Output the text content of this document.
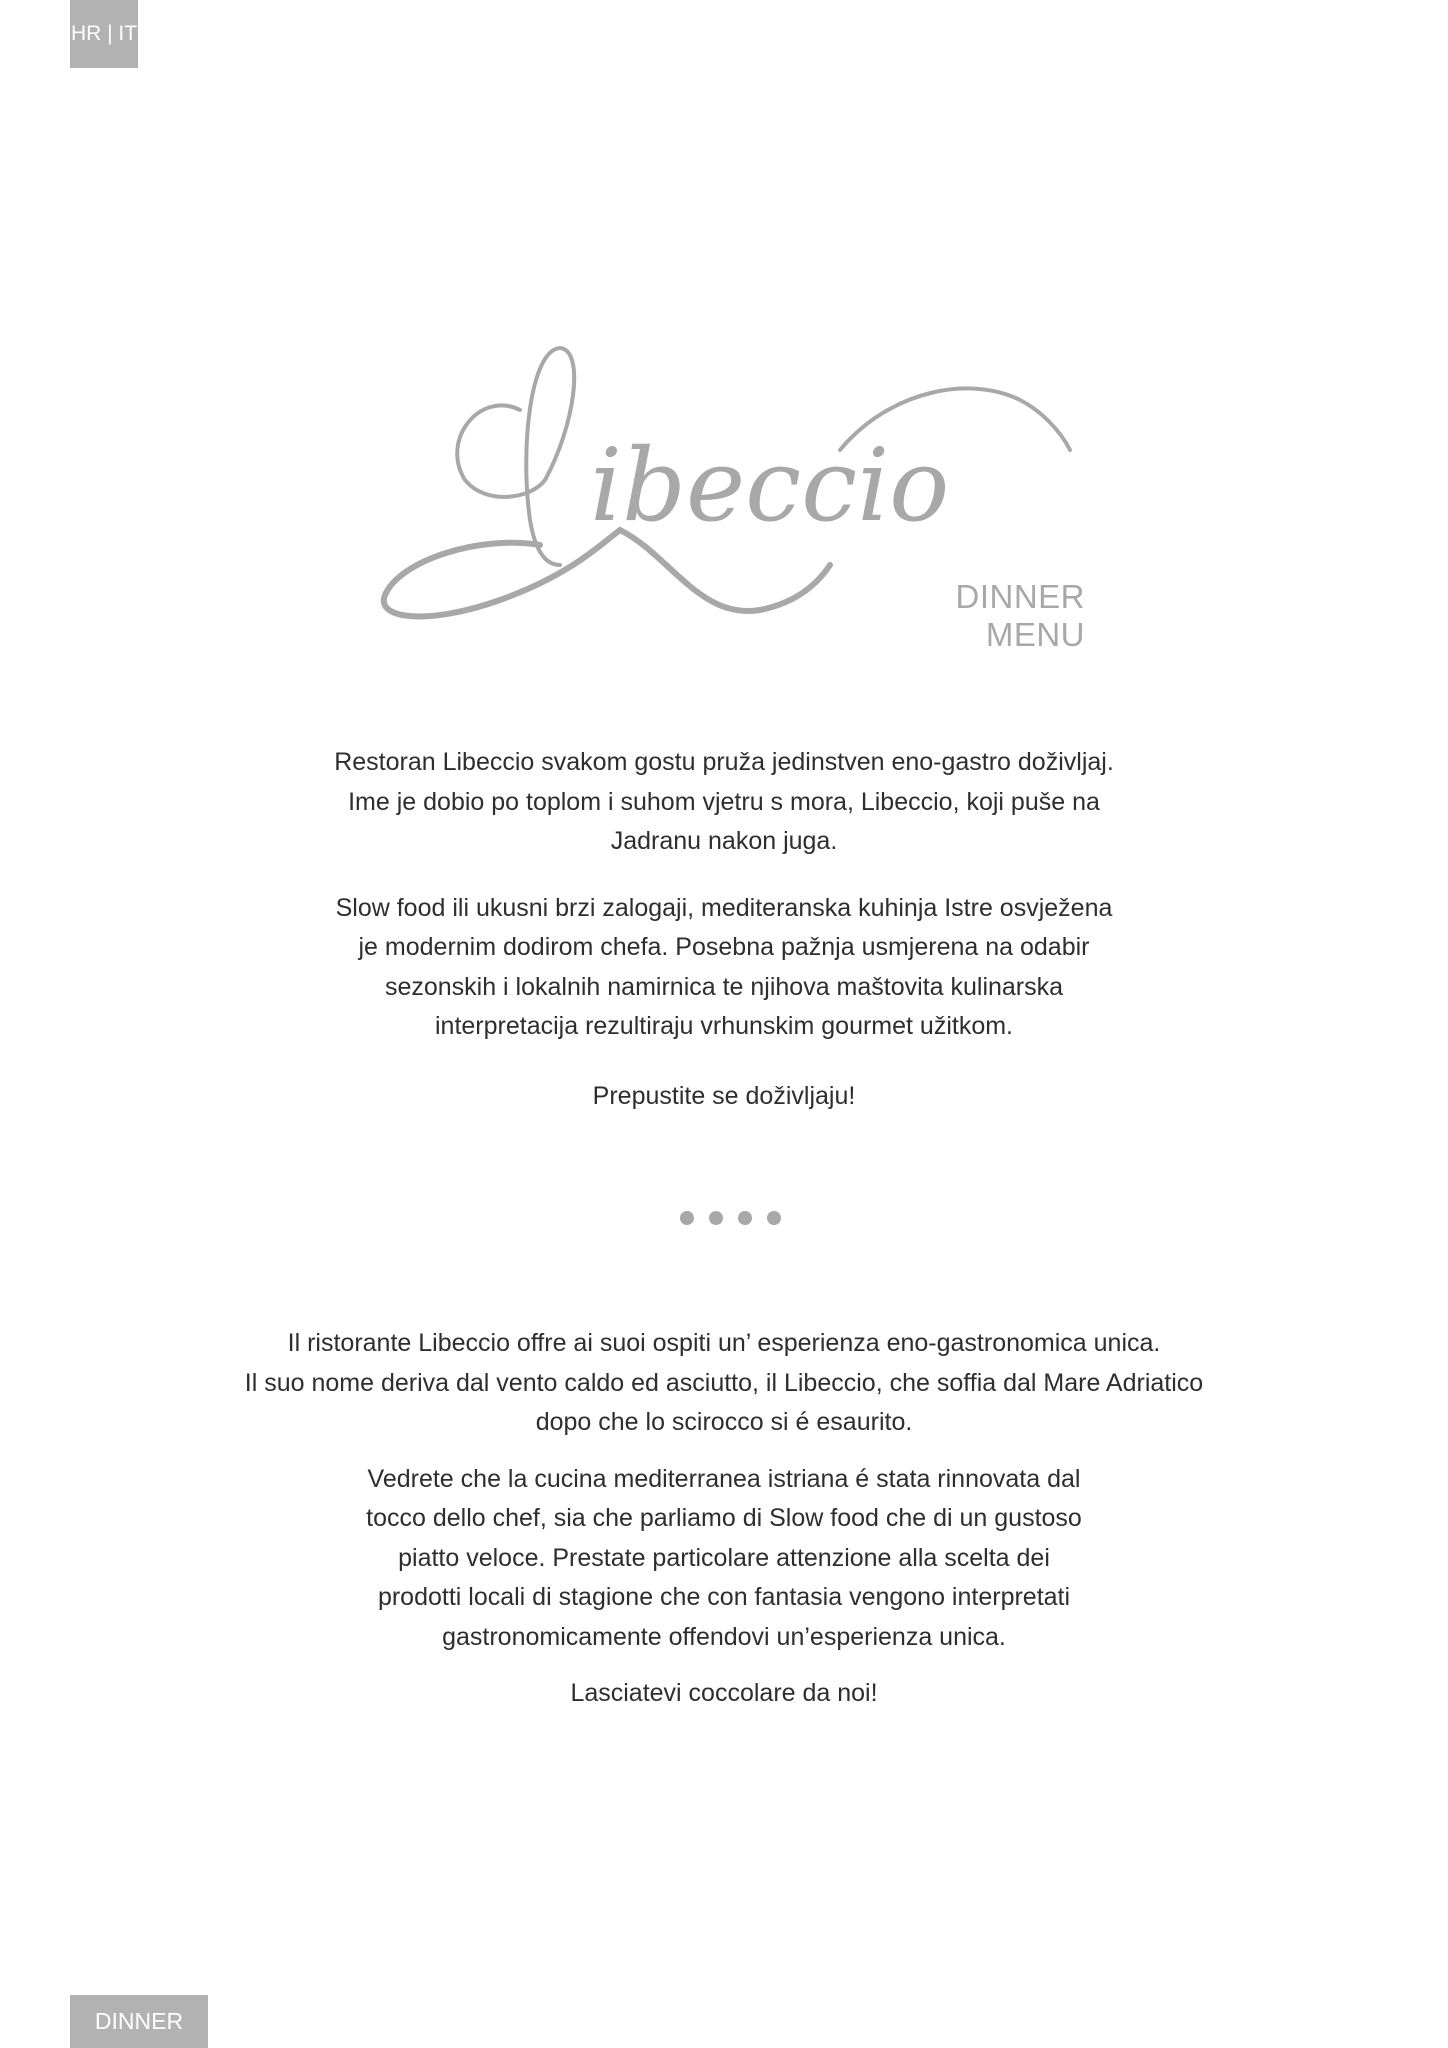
HR | IT
ibeccio
DINNER MENU

Restoran Libeccio svakom gostu pruža jedinstven eno-gastro doživljaj.
Ime je dobio po toplom i suhom vjetru s mora, Libeccio, koji puše na
Jadranu nakon juga.

Slow food ili ukusni brzi zalogaji, mediteranska kuhinja Istre osvježena
je modernim dodirom chefa. Posebna pažnja usmjerena na odabir
sezonskih i lokalnih namirnica te njihova maštovita kulinarska
interpretacija rezultiraju vrhunskim gourmet užitkom.

Prepustite se doživljaju!

Il ristorante Libeccio offre ai suoi ospiti un’ esperienza eno-gastronomica unica.
Il suo nome deriva dal vento caldo ed asciutto, il Libeccio, che soffia dal Mare Adriatico
dopo che lo scirocco si é esaurito.

Vedrete che la cucina mediterranea istriana é stata rinnovata dal
tocco dello chef, sia che parliamo di Slow food che di un gustoso
piatto veloce. Prestate particolare attenzione alla scelta dei
prodotti locali di stagione che con fantasia vengono interpretati
gastronomicamente offendovi un’esperienza unica.

Lasciatevi coccolare da noi!

DINNER
